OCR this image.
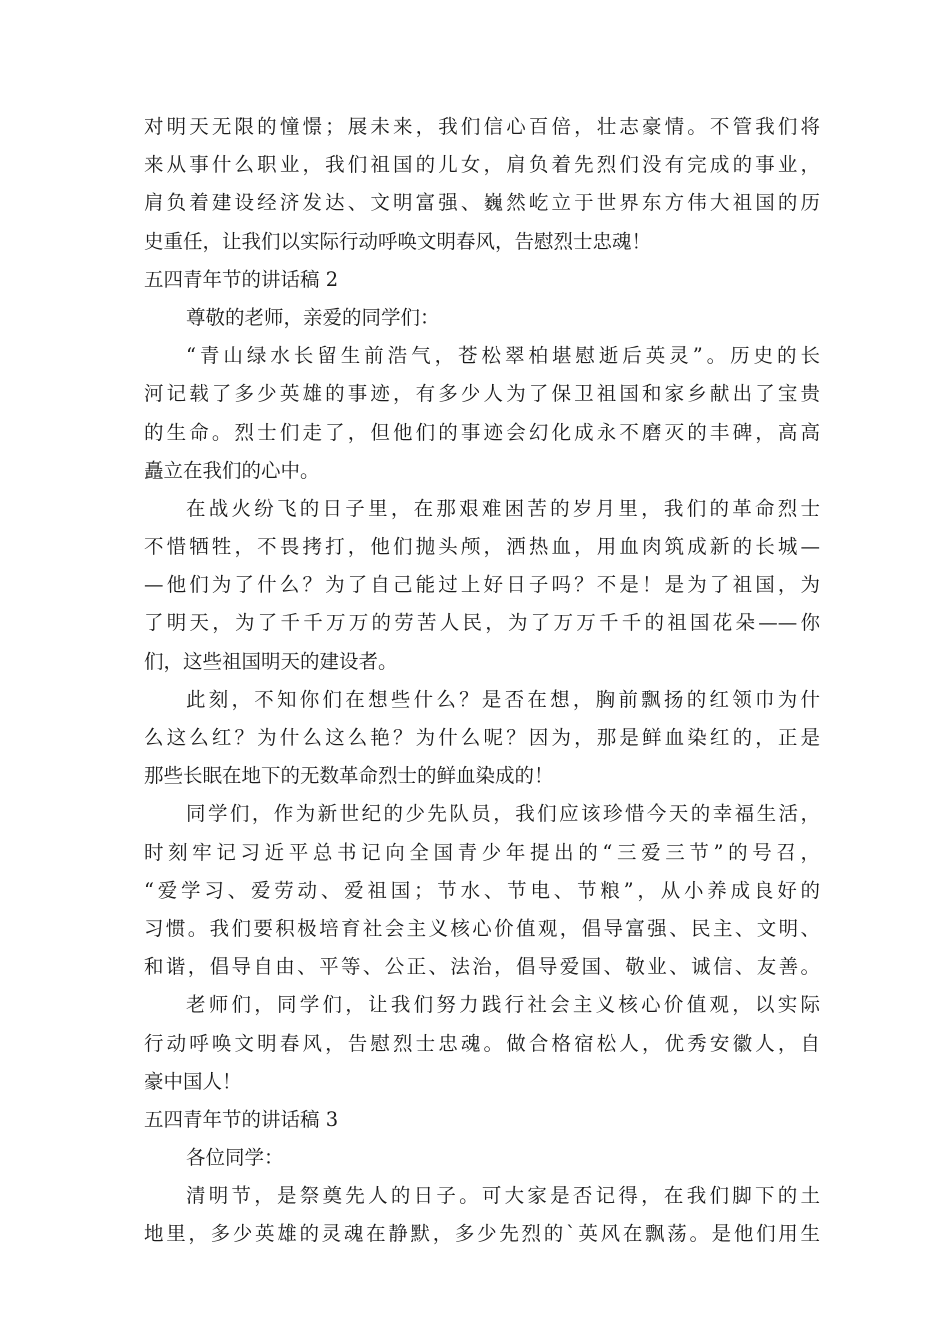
对明天无限的憧憬；展未来，我们信心百倍，壮志豪情。不管我们将
来从事什么职业，我们祖国的儿女，肩负着先烈们没有完成的事业，
肩负着建设经济发达、文明富强、巍然屹立于世界东方伟大祖国的历
史重任，让我们以实际行动呼唤文明春风，告慰烈士忠魂！
五四青年节的讲话稿 2
尊敬的老师，亲爱的同学们：
“青山绿水长留生前浩气，苍松翠柏堪慰逝后英灵”。历史的长
河记载了多少英雄的事迹，有多少人为了保卫祖国和家乡献出了宝贵
的生命。烈士们走了，但他们的事迹会幻化成永不磨灭的丰碑，高高
矗立在我们的心中。
在战火纷飞的日子里，在那艰难困苦的岁月里，我们的革命烈士
不惜牺牲，不畏拷打，他们抛头颅，洒热血，用血肉筑成新的长城—
—他们为了什么？为了自己能过上好日子吗？不是！是为了祖国，为
了明天，为了千千万万的劳苦人民，为了万万千千的祖国花朵——你
们，这些祖国明天的建设者。
此刻，不知你们在想些什么？是否在想，胸前飘扬的红领巾为什
么这么红？为什么这么艳？为什么呢？因为，那是鲜血染红的，正是
那些长眠在地下的无数革命烈士的鲜血染成的！
同学们，作为新世纪的少先队员，我们应该珍惜今天的幸福生活，
时刻牢记习近平总书记向全国青少年提出的“三爱三节”的号召，
“爱学习、爱劳动、爱祖国；节水、节电、节粮”，从小养成良好的
习惯。我们要积极培育社会主义核心价值观，倡导富强、民主、文明、
和谐，倡导自由、平等、公正、法治，倡导爱国、敬业、诚信、友善。
老师们，同学们，让我们努力践行社会主义核心价值观，以实际
行动呼唤文明春风，告慰烈士忠魂。做合格宿松人，优秀安徽人，自
豪中国人！
五四青年节的讲话稿 3
各位同学：
清明节，是祭奠先人的日子。可大家是否记得，在我们脚下的土
地里，多少英雄的灵魂在静默，多少先烈的`英风在飘荡。是他们用生
